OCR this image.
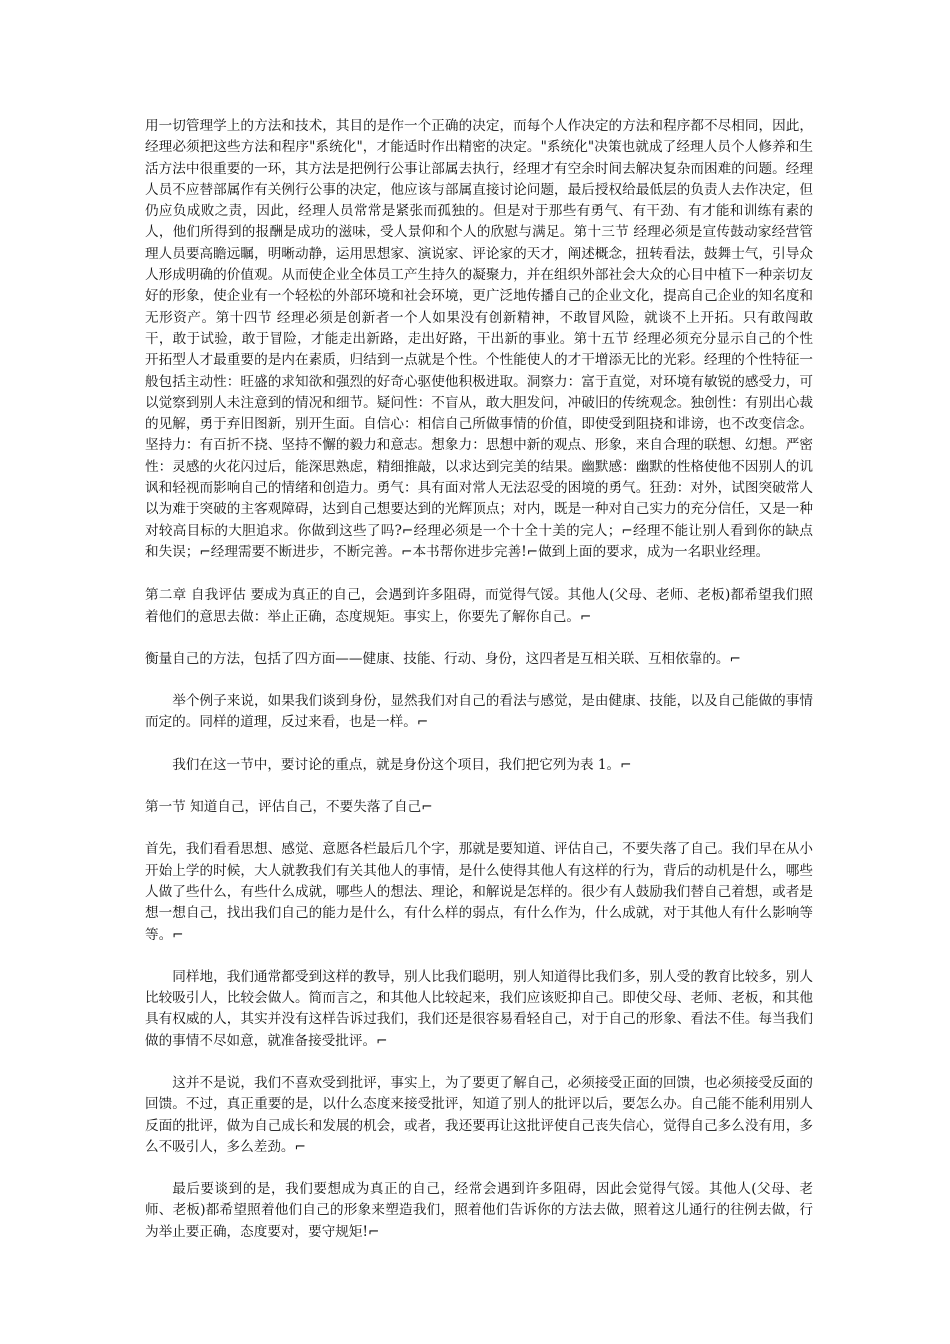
用一切管理学上的方法和技术，其目的是作一个正确的决定，而每个人作决定的方法和程序都不尽相同，因此，经理必须把这些方法和程序"系统化"，才能适时作出精密的决定。"系统化"决策也就成了经理人员个人修养和生活方法中很重要的一环，其方法是把例行公事让部属去执行，经理才有空余时间去解决复杂而困难的问题。经理人员不应替部属作有关例行公事的决定，他应该与部属直接讨论问题，最后授权给最低层的负责人去作决定，但仍应负成败之责，因此，经理人员常常是紧张而孤独的。但是对于那些有勇气、有干劲、有才能和训练有素的人，他们所得到的报酬是成功的滋味，受人景仰和个人的欣慰与满足。第十三节 经理必须是宣传鼓动家经营管理人员要高瞻远瞩，明晰动静，运用思想家、演说家、评论家的天才，阐述概念，扭转看法，鼓舞士气，引导众人形成明确的价值观。从而使企业全体员工产生持久的凝聚力，并在组织外部社会大众的心目中植下一种亲切友好的形象，使企业有一个轻松的外部环境和社会环境，更广泛地传播自己的企业文化，提高自己企业的知名度和无形资产。第十四节 经理必须是创新者一个人如果没有创新精神，不敢冒风险，就谈不上开拓。只有敢闯敢干，敢于试验，敢于冒险，才能走出新路，走出好路，干出新的事业。第十五节 经理必须充分显示自己的个性开拓型人才最重要的是内在素质，归结到一点就是个性。个性能使人的才干增添无比的光彩。经理的个性特征一般包括主动性：旺盛的求知欲和强烈的好奇心驱使他积极进取。洞察力：富于直觉，对环境有敏锐的感受力，可以觉察到别人未注意到的情况和细节。疑问性：不盲从，敢大胆发问，冲破旧的传统观念。独创性：有别出心裁的见解，勇于弃旧图新，别开生面。自信心：相信自己所做事情的价值，即使受到阻挠和诽谤，也不改变信念。坚持力：有百折不挠、坚持不懈的毅力和意志。想象力：思想中新的观点、形象，来自合理的联想、幻想。严密性：灵感的火花闪过后，能深思熟虑，精细推敲，以求达到完美的结果。幽默感：幽默的性格使他不因别人的讥讽和轻视而影响自己的情绪和创造力。勇气：具有面对常人无法忍受的困境的勇气。狂劲：对外，试图突破常人以为难于突破的主客观障碍，达到自己想要达到的光辉顶点；对内，既是一种对自己实力的充分信任，又是一种对较高目标的大胆追求。你做到这些了吗?⌐经理必须是一个十全十美的完人；⌐经理不能让别人看到你的缺点和失误；⌐经理需要不断进步，不断完善。⌐本书帮你进步完善!⌐做到上面的要求，成为一名职业经理。

第二章 自我评估 要成为真正的自己，会遇到许多阻碍，而觉得气馁。其他人(父母、老师、老板)都希望我们照着他们的意思去做：举止正确，态度规矩。事实上，你要先了解你自己。⌐

衡量自己的方法，包括了四方面——健康、技能、行动、身份，这四者是互相关联、互相依靠的。⌐

举个例子来说，如果我们谈到身份，显然我们对自己的看法与感觉，是由健康、技能，以及自己能做的事情而定的。同样的道理，反过来看，也是一样。⌐

我们在这一节中，要讨论的重点，就是身份这个项目，我们把它列为表 1。⌐

第一节 知道自己，评估自己，不要失落了自己⌐

首先，我们看看思想、感觉、意愿各栏最后几个字，那就是要知道、评估自己，不要失落了自己。我们早在从小开始上学的时候，大人就教我们有关其他人的事情，是什么使得其他人有这样的行为，背后的动机是什么，哪些人做了些什么，有些什么成就，哪些人的想法、理论，和解说是怎样的。很少有人鼓励我们替自己着想，或者是想一想自己，找出我们自己的能力是什么，有什么样的弱点，有什么作为，什么成就，对于其他人有什么影响等等。⌐

同样地，我们通常都受到这样的教导，别人比我们聪明，别人知道得比我们多，别人受的教育比较多，别人比较吸引人，比较会做人。简而言之，和其他人比较起来，我们应该贬抑自己。即使父母、老师、老板，和其他具有权威的人，其实并没有这样告诉过我们，我们还是很容易看轻自己，对于自己的形象、看法不佳。每当我们做的事情不尽如意，就准备接受批评。⌐

这并不是说，我们不喜欢受到批评，事实上，为了要更了解自己，必须接受正面的回馈，也必须接受反面的回馈。不过，真正重要的是，以什么态度来接受批评，知道了别人的批评以后，要怎么办。自己能不能利用别人反面的批评，做为自己成长和发展的机会，或者，我还要再让这批评使自己丧失信心，觉得自己多么没有用，多么不吸引人，多么差劲。⌐

最后要谈到的是，我们要想成为真正的自己，经常会遇到许多阻碍，因此会觉得气馁。其他人(父母、老师、老板)都希望照着他们自己的形象来塑造我们，照着他们告诉你的方法去做，照着这儿通行的往例去做，行为举止要正确，态度要对，要守规矩!⌐
